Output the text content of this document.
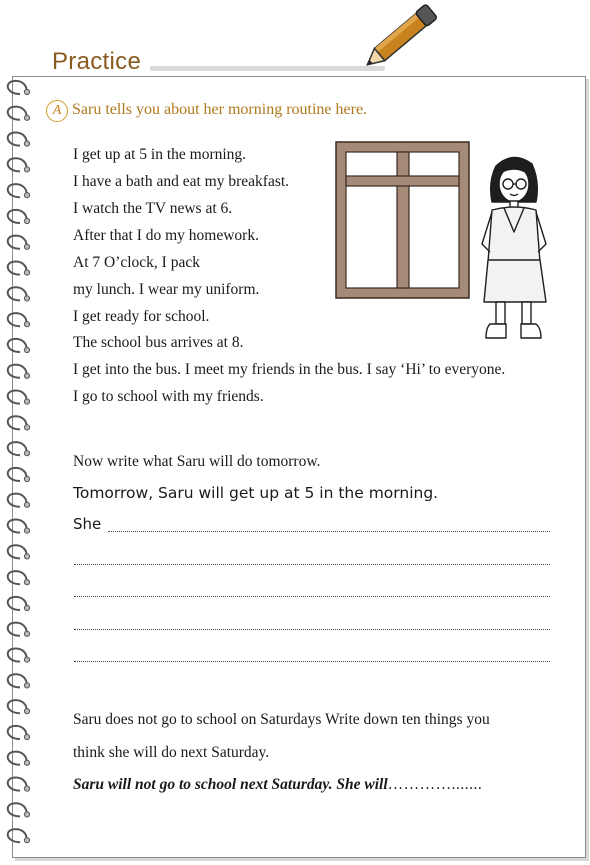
Practice
A Saru tells you about her morning routine here.
I get up at 5 in the morning.
I have a bath and eat my breakfast.
I watch the TV news at 6.
After that I do my homework.
At 7 O’clock, I pack
my lunch. I wear my uniform.
I get ready for school.
The school bus arrives at 8.
I get into the bus. I meet my friends in the bus. I say ‘Hi’ to everyone.
I go to school with my friends.
Now write what Saru will do tomorrow.
Tomorrow, Saru will get up at 5 in the morning.
She
Saru does not go to school on Saturdays Write down ten things you
think she will do next Saturday.
Saru will not go to school next Saturday. She will………….......
